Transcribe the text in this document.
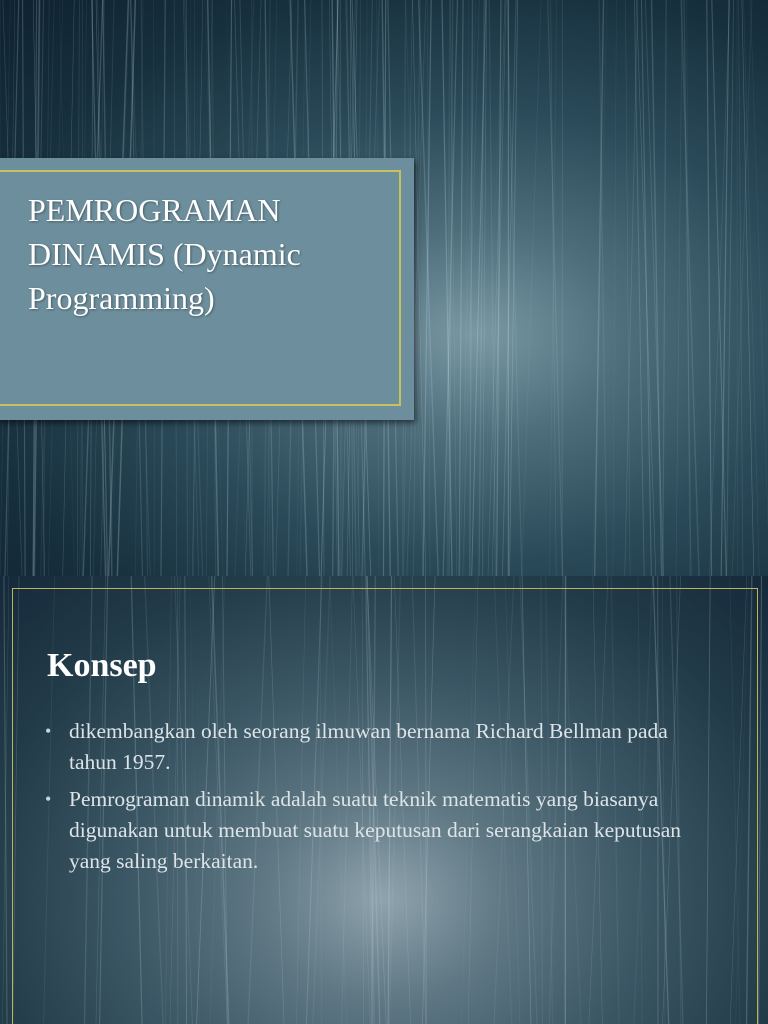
PEMROGRAMAN DINAMIS (Dynamic Programming)
Konsep
• dikembangkan oleh seorang ilmuwan bernama Richard Bellman pada tahun 1957.
• Pemrograman dinamik adalah suatu teknik matematis yang biasanya digunakan untuk membuat suatu keputusan dari serangkaian keputusan yang saling berkaitan.
